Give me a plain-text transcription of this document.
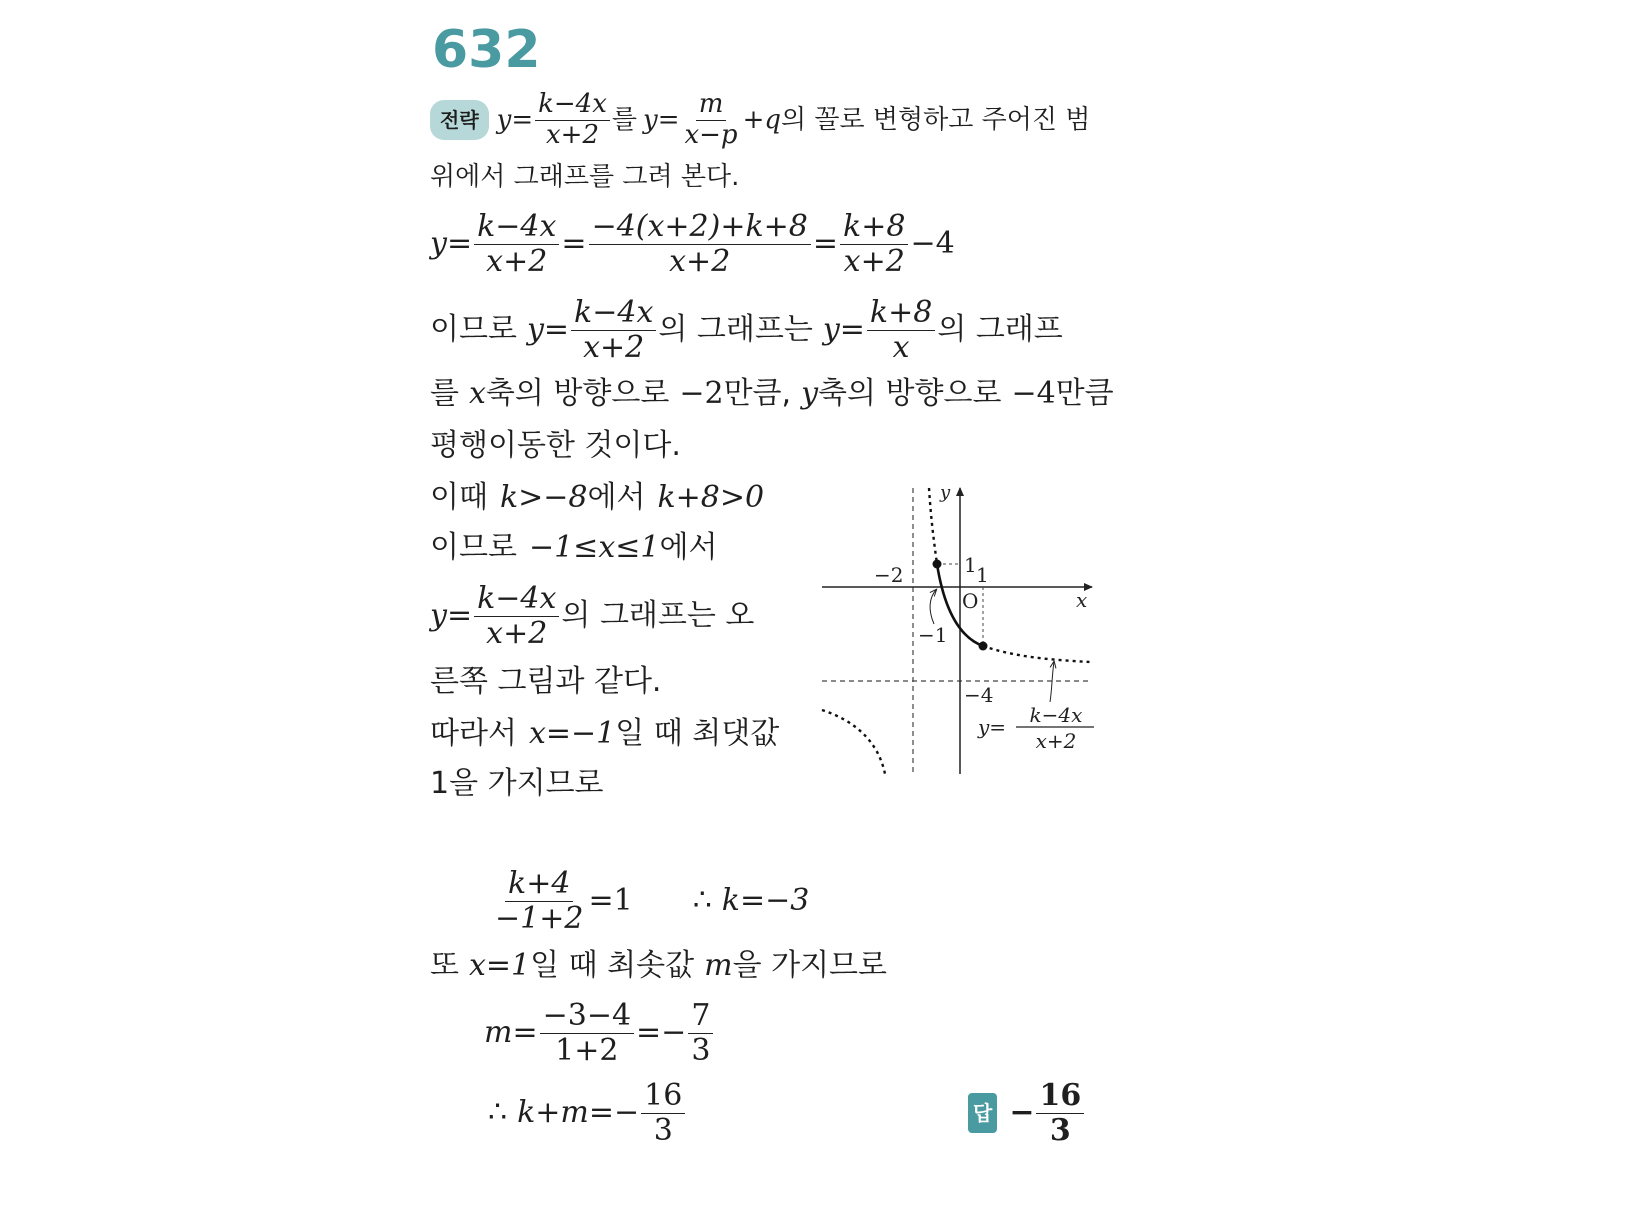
632
전략 $y= \frac{k-4x}{x+2}$ 를 $y= \frac{m}{x-p} +q$ 의 꼴로 변형하고 주어진 범
위에서 그래프를 그려 본다.
$y= \frac{k-4x}{x+2} = \frac{-4(x+2)+k+8}{x+2} = \frac{k+8}{x+2} -4$
이므로 $y= \frac{k-4x}{x+2}$ 의 그래프는 $y= \frac{k+8}{x}$ 의 그래프
를 x 축의 방향으로 −2 만큼, y 축의 방향으로 −4 만큼
평행이동한 것이다.
이때 k>−8 에서 k+8>0
이므로 −1≤x≤1 에서
$y= \frac{k-4x}{x+2}$ 의 그래프는 오
른쪽 그림과 같다.
따라서 x=−1 일 때 최댓값
1을 가지므로
y
x
O
−2	1 1
−1
−4
y= k−4x
x+2
$\frac{k+4}{-1+2} =1$ ∴ k=−3
또 x=1 일 때 최솟값 m 을 가지므로
$m= \frac{-3-4}{1+2} =- \frac{7}{3}$
∴ $k+m=- \frac{16}{3}$	답 − $\frac{16}{3}$
